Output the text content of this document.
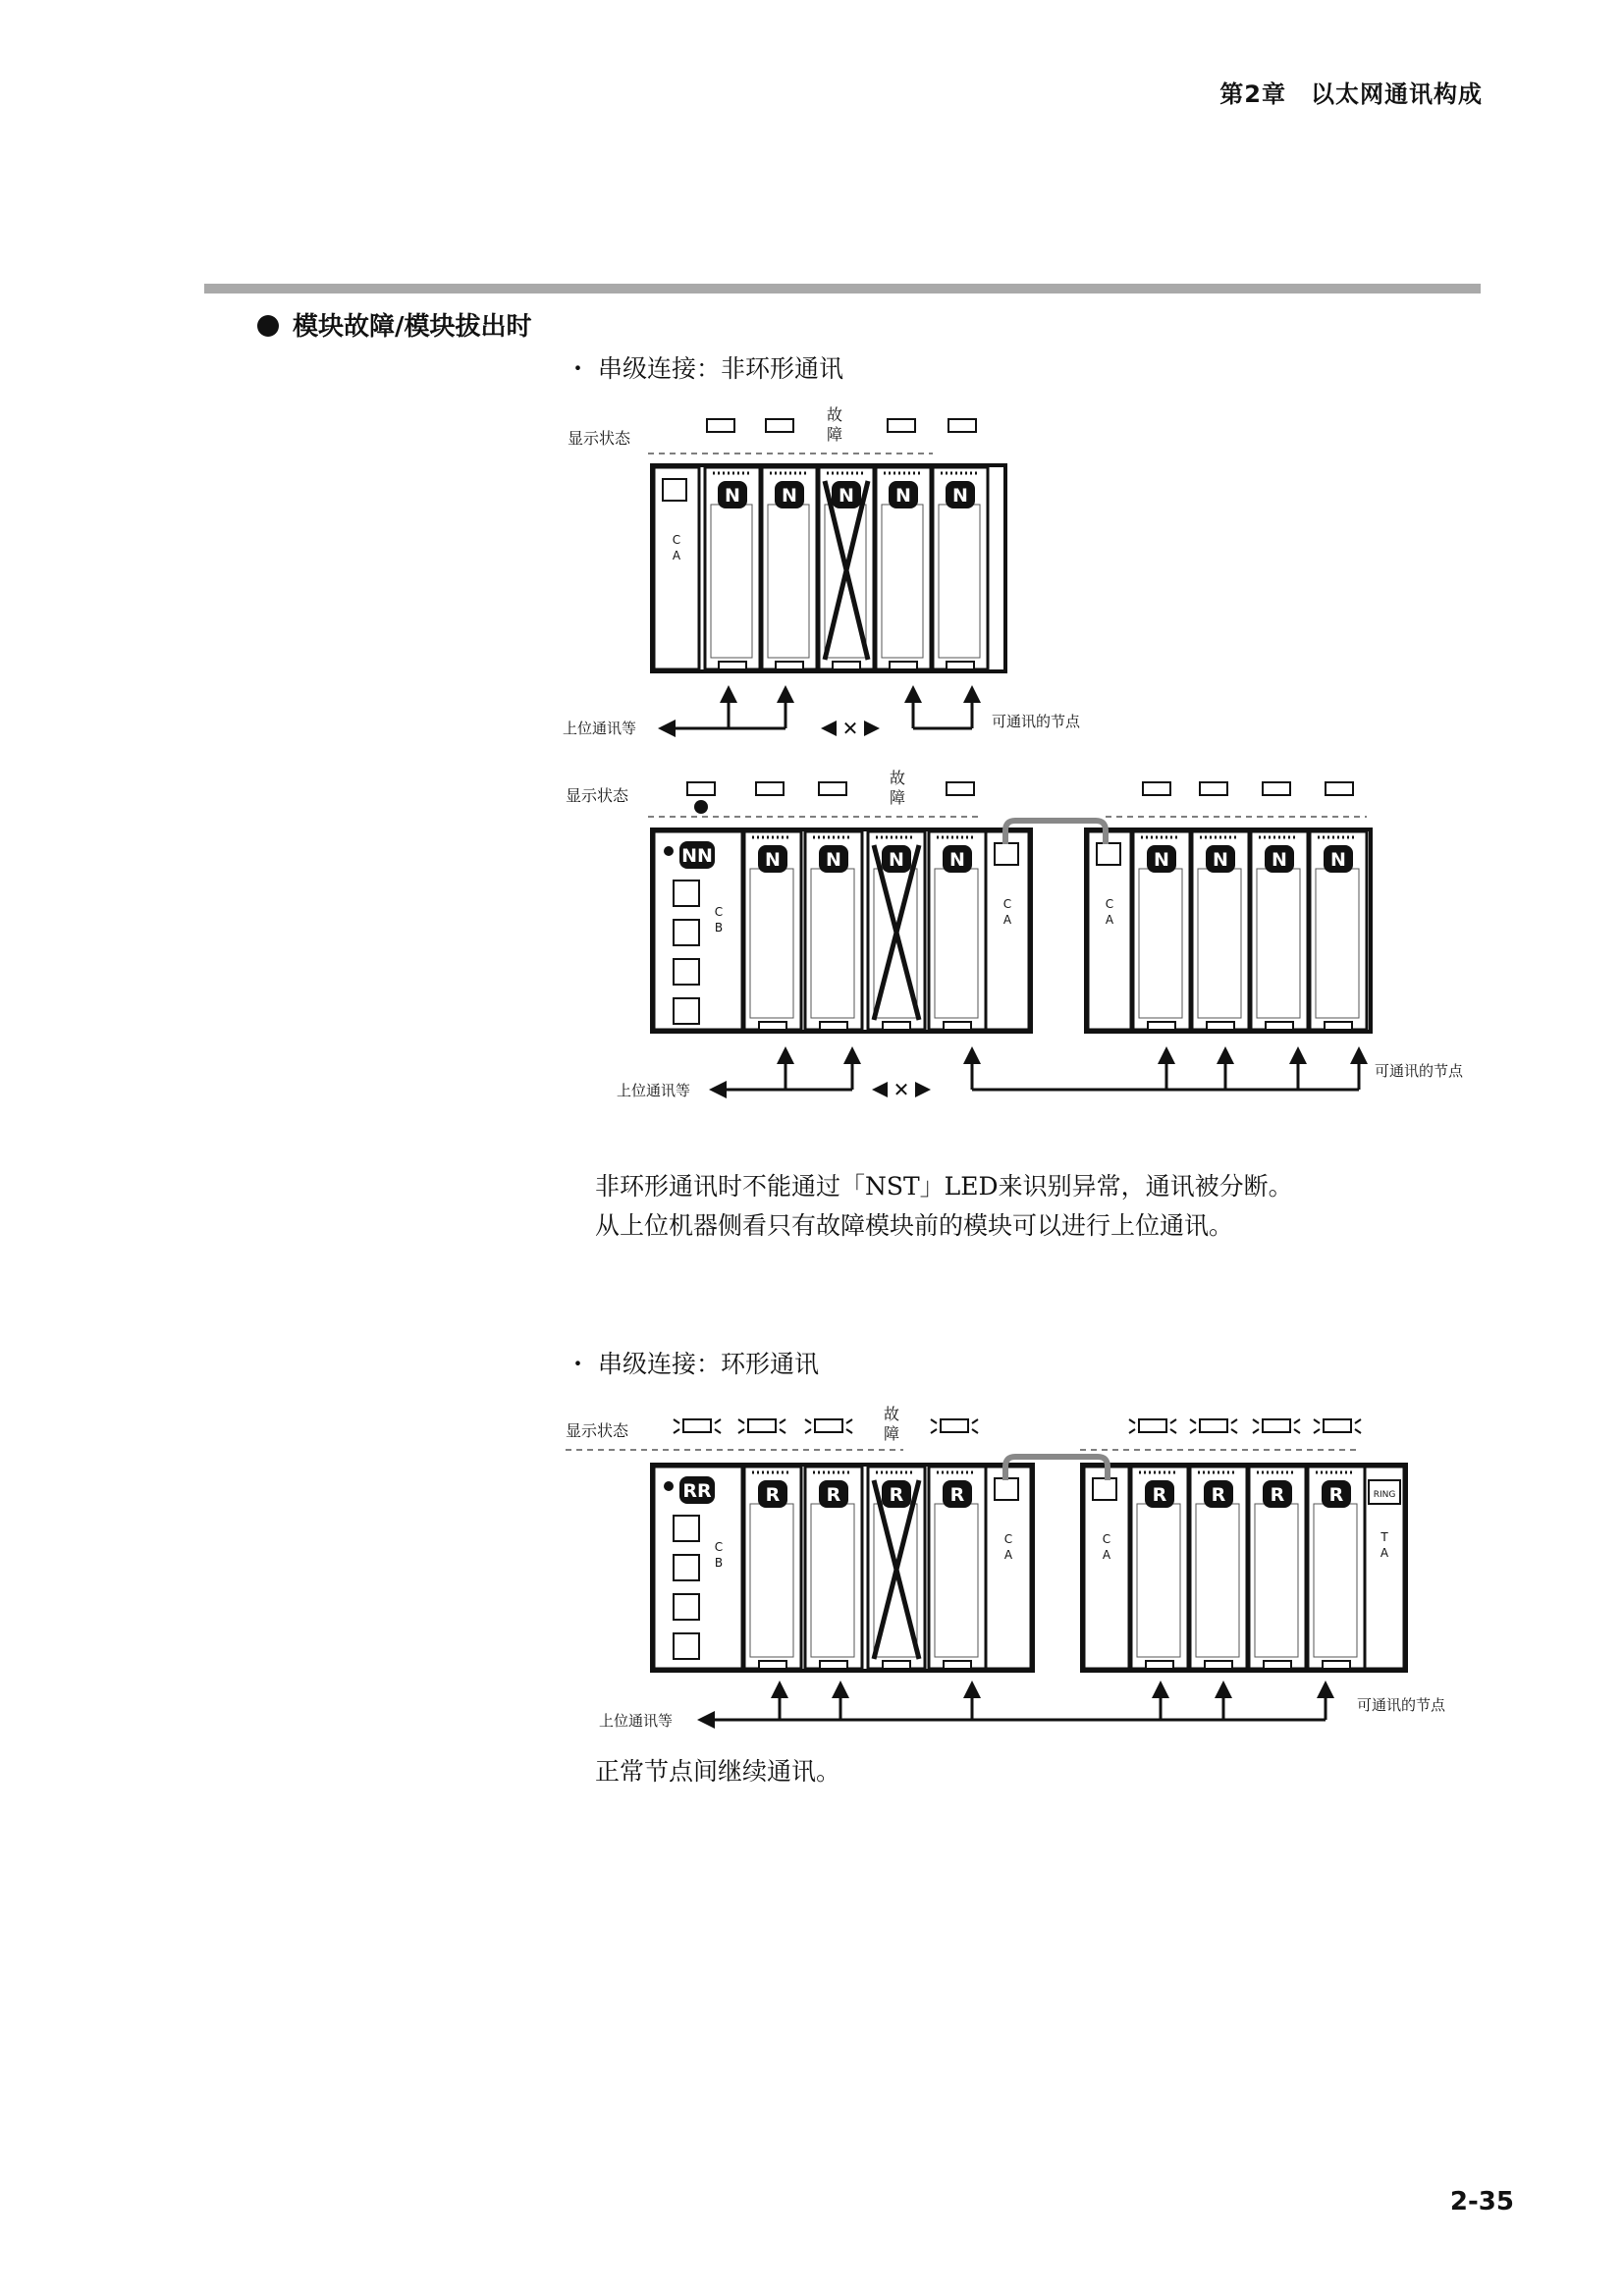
第2章　以太网通讯构成
模块故障/模块拔出时
・ 串级连接：非环形通讯
显示状态
故
障
C
A
N N N N N
上位通讯等	✕	可通讯的节点
显示状态
故
障
NN
C
B
N N	N N
C
A
C
A
N N N N
上位通讯等	✕
可通讯的节点
显示状态
故
障
RR
C
B
R R	R R
C
A
C
A
R R R R	RING
T
A
上位通讯等
可通讯的节点
非环形通讯时不能通过「NST」LED来识别异常，通讯被分断。
从上位机器侧看只有故障模块前的模块可以进行上位通讯。
・ 串级连接：环形通讯
正常节点间继续通讯。
2-35
